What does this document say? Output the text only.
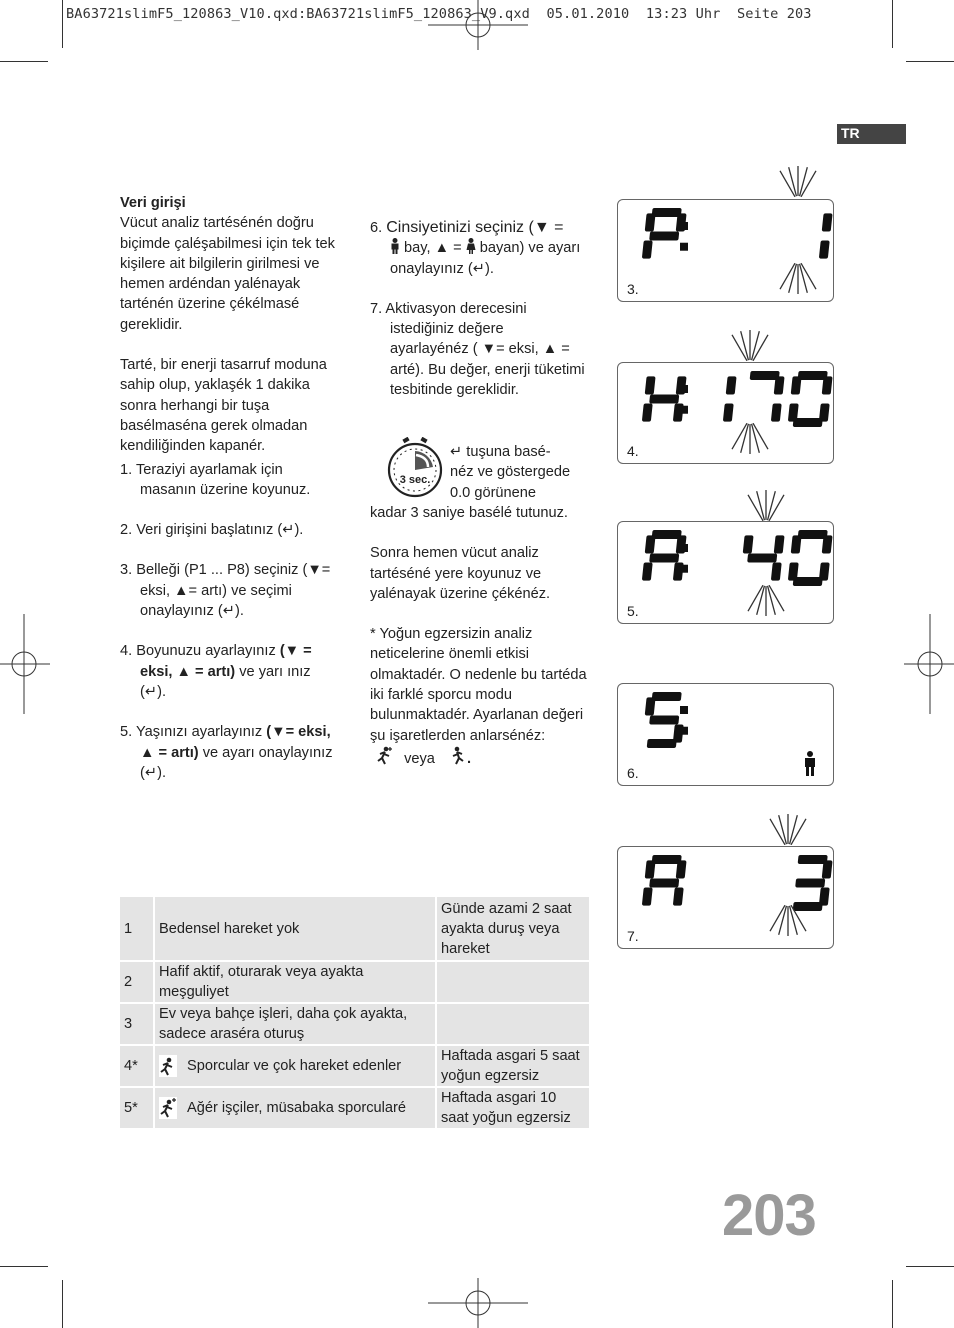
BA63721slimF5_120863_V10.qxd:BA63721slimF5_120863_V9.qxd  05.01.2010  13:23 Uhr  Seite 203
TR

Veri girişi

Vücut analiz tartésénén doğru biçimde çaléşabilmesi için tek tek kişilere ait bilgilerin girilmesi ve hemen ardéndan yalénayak tarténén üzerine çékélmasé gereklidir.

Tarté, bir enerji tasarruf moduna sahip olup, yaklaşék 1 dakika sonra herhangi bir tuşa basélmaséna gerek olmadan kendiliğinden kapanér.

1. Teraziyi ayarlamak için masanın üzerine koyunuz.

2. Veri girişini başlatınız (↵).

3. Belleği (P1 ... P8) seçiniz (▼= eksi, ▲= artı) ve seçimi onaylayınız (↵).

4. Boyunuzu ayarlayınız (▼ = eksi, ▲ = artı) ve yarı ınız (↵).

5. Yaşınızı ayarlayınız (▼= eksi, ▲ = artı) ve ayarı onaylayınız (↵).

6. Cinsiyetinizi seçiniz (▼ =
bay, ▲ =  bayan) ve ayarı onaylayınız (↵).

7. Aktivasyon derecesini istediğiniz değere ayarlayénéz ( ▼= eksi, ▲ = arté). Bu değer, enerji tüketimi tesbitinde gereklidir.

3 sec.

↵ tuşuna basé-

néz ve göstergede

0.0 görünene

kadar 3 saniye basélé tutunuz.

Sonra hemen vücut analiz tartéséné yere koyunuz ve yalénayak üzerine çékénéz.

* Yoğun egzersizin analiz neticelerine önemli etkisi olmaktadér. O nedenle bu tartéda iki farklé sporcu modu bulunmaktadér. Ayarlanan değeri şu işaretlerden anlarsénéz:

veya .

3.
4.
5.
6.
7.
1	Bedensel hareket yok	Günde azami 2 saat ayakta duruş veya hareket
2	Hafif aktif, oturarak veya ayakta meşguliyet	
3	Ev veya bahçe işleri, daha çok ayakta, sadece araséra oturuş	
4*	Sporcular ve çok hareket edenler	Haftada asgari 5 saat yoğun egzersiz
5*	Ağér işçiler, müsabaka sporcularé	Haftada asgari 10 saat yoğun egzersiz
203
